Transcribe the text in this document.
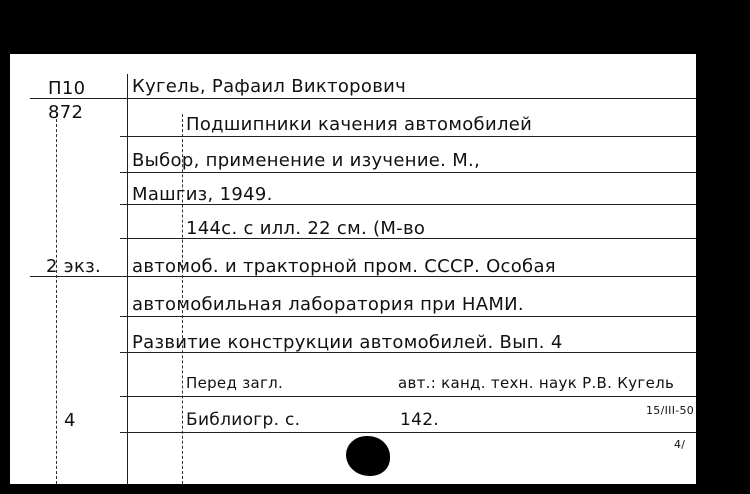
П10
872
Кугель, Рафаил Викторович
Подшипники качения автомобилей
Выбор, применение и изучение. М.,
Машгиз, 1949.
144с. с илл. 22 см. (М-во
2 экз. автомоб. и тракторной пром. СССР. Особая
автомобильная лаборатория при НАМИ.
Развитие конструкции автомобилей. Вып. 4
Перед загл.	авт.: канд. техн. наук Р.В. Кугель
Библиогр. с.	142.
4	15/III-50
4/
